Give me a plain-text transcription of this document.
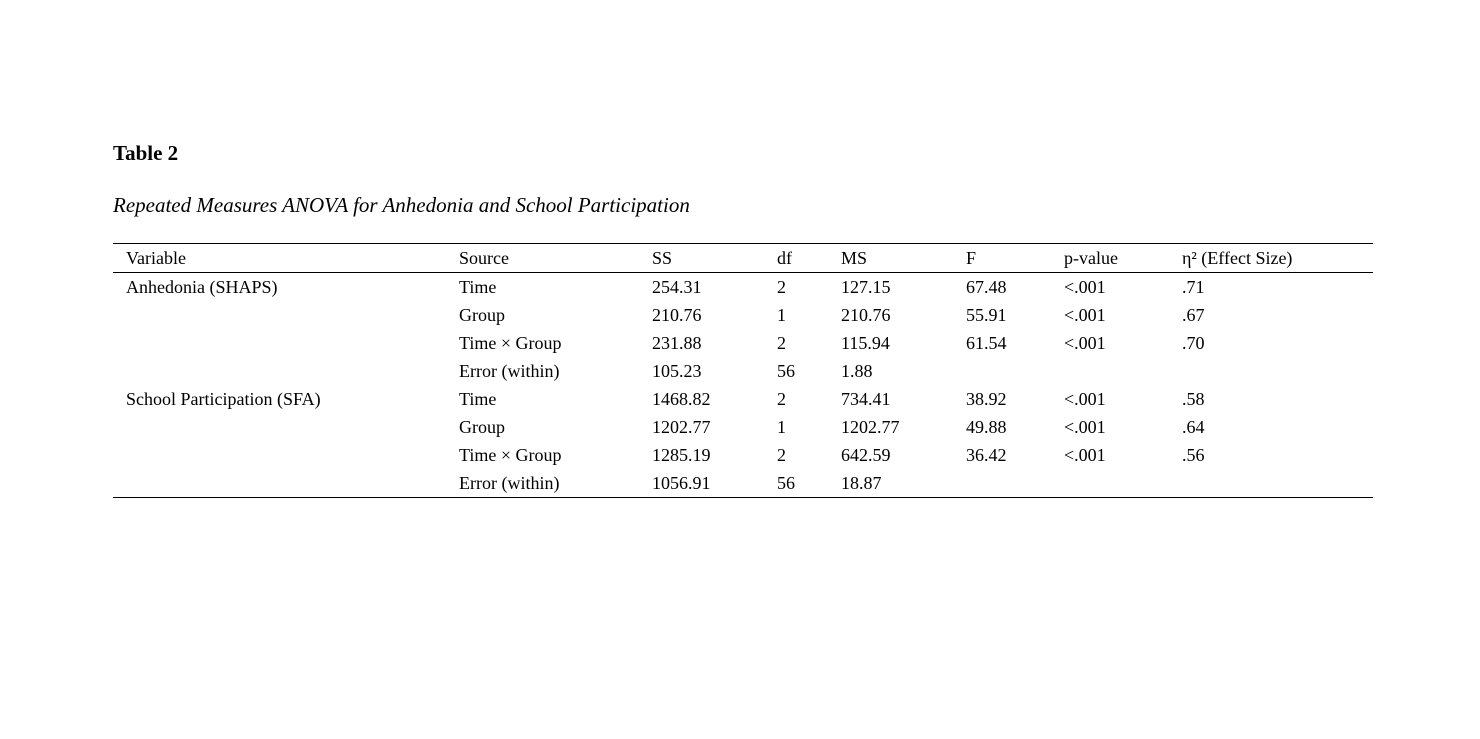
Table 2
Repeated Measures ANOVA for Anhedonia and School Participation
	Variable	Source	SS	df	MS	F	p-value	η² (Effect Size)
	Anhedonia (SHAPS)	Time	254.31	2	127.15	67.48	<.001	.71
		Group	210.76	1	210.76	55.91	<.001	.67
		Time × Group	231.88	2	115.94	61.54	<.001	.70
		Error (within)	105.23	56	1.88			
	School Participation (SFA)	Time	1468.82	2	734.41	38.92	<.001	.58
		Group	1202.77	1	1202.77	49.88	<.001	.64
		Time × Group	1285.19	2	642.59	36.42	<.001	.56
		Error (within)	1056.91	56	18.87			
